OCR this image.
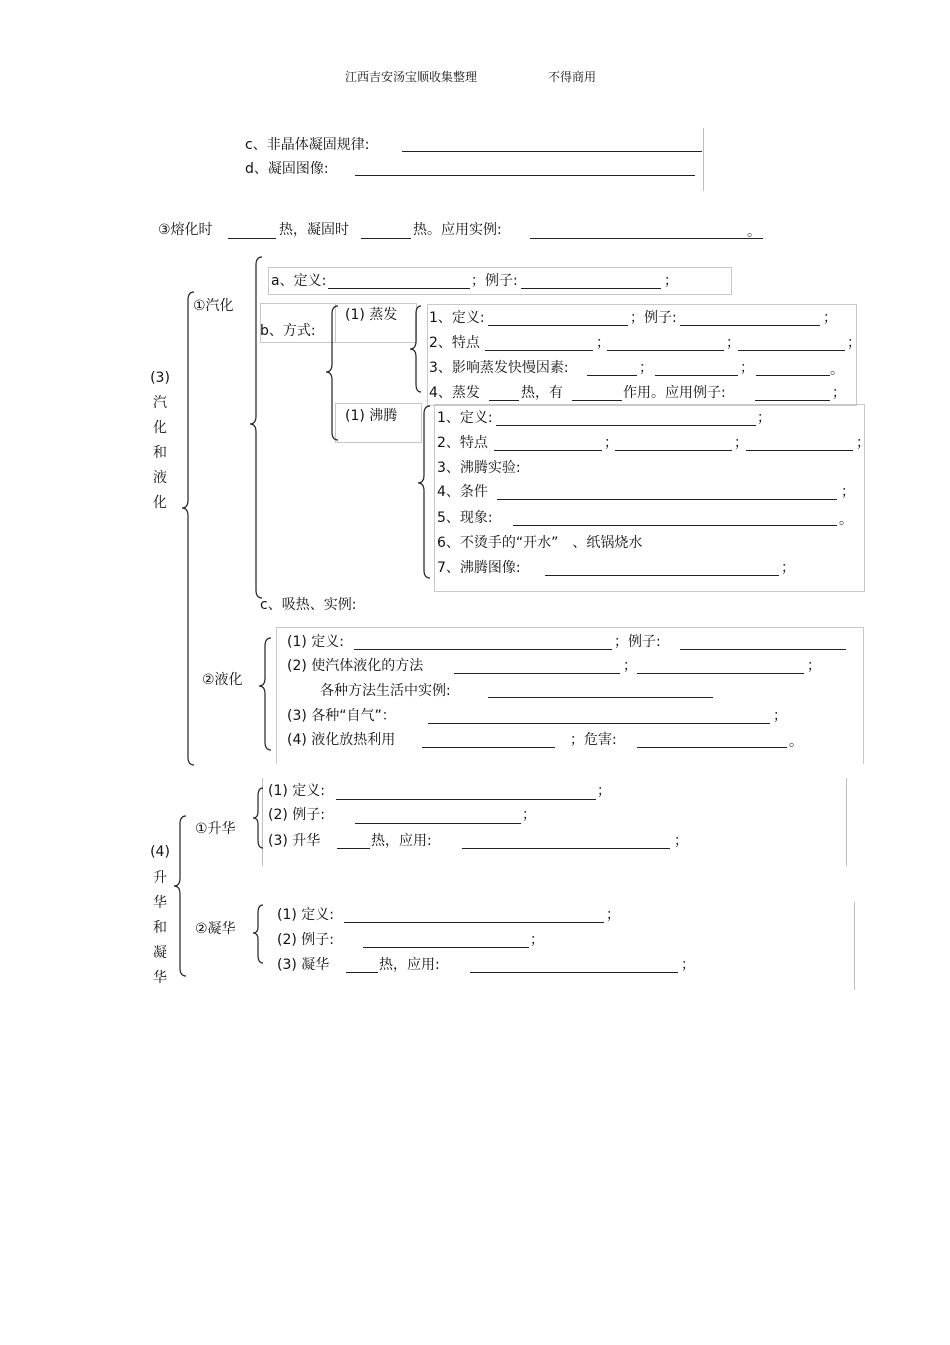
江西吉安汤宝顺收集整理	不得商用
c、非晶体凝固规律:
d、凝固图像:
③熔化时	热，凝固时	热。应用实例:	。
(3)
汽
化
和
液
化
①汽化
a、定义:	；例子:	；
b、方式:
(1) 蒸发 1、定义:	；例子:	；
2、特点	；	；	；
3、影响蒸发快慢因素:	；	；	。
4、蒸发	热，有	作用。应用例子:	；
(1) 沸腾	1、定义:	；
2、特点	；	；	；
3、沸腾实验:
4、条件	；
5、现象:	。
6、不烫手的“开水”　、纸锅烧水
7、沸腾图像:	；
c、吸热、实例:
②液化
(1) 定义:	；例子:
(2) 使汽体液化的方法	；	；
各种方法生活中实例:
(3) 各种“自气”：	；
(4) 液化放热利用	；危害:	。
(4)
升
华
和
凝
华
①升华
(1) 定义:	；
(2) 例子:	；
(3) 升华	热，应用:	；
②凝华
(1) 定义:	；
(2) 例子:	；
(3) 凝华	热，应用:	；
